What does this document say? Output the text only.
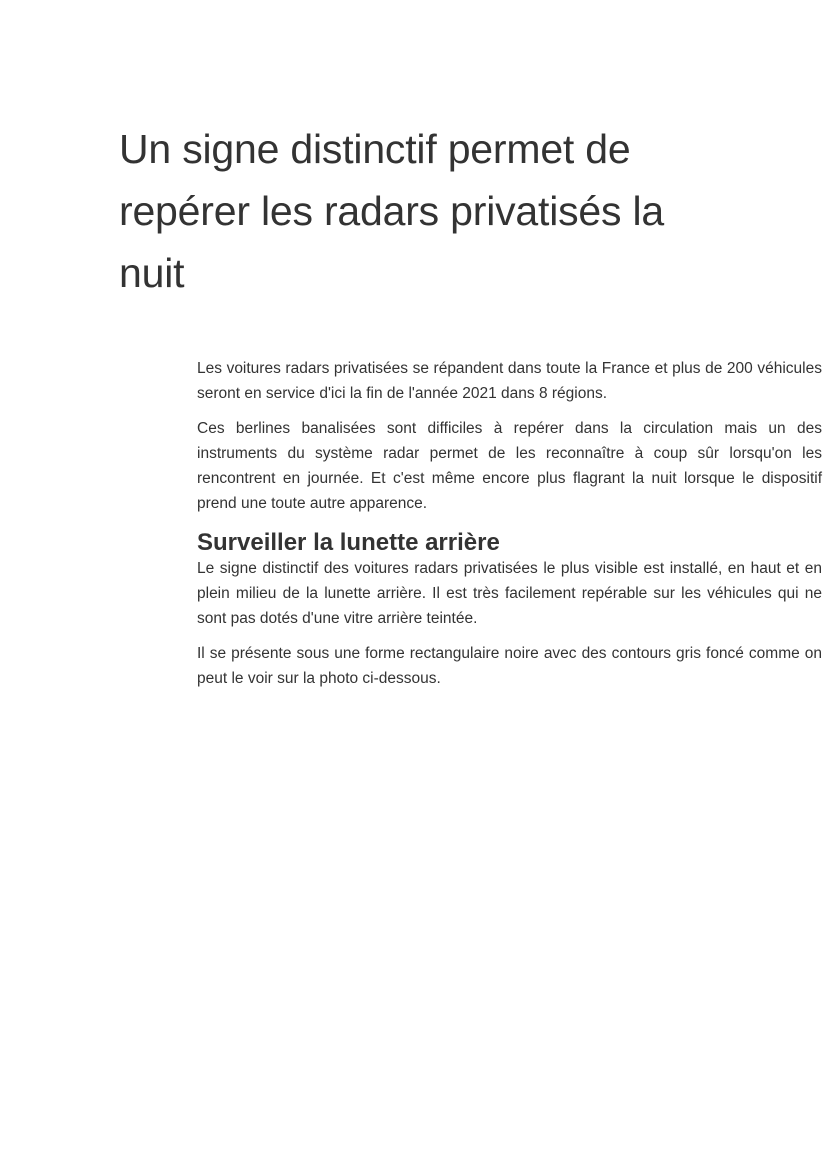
Un signe distinctif permet de repérer les radars privatisés la nuit

Les voitures radars privatisées se répandent dans toute la France et plus de 200 véhicules seront en service d'ici la fin de l'année 2021 dans 8 régions.

Ces berlines banalisées sont difficiles à repérer dans la circulation mais un des instruments du système radar permet de les reconnaître à coup sûr lorsqu'on les rencontrent en journée. Et c'est même encore plus flagrant la nuit lorsque le dispositif prend une toute autre apparence.

Surveiller la lunette arrière

Le signe distinctif des voitures radars privatisées le plus visible est installé, en haut et en plein milieu de la lunette arrière. Il est très facilement repérable sur les véhicules qui ne sont pas dotés d'une vitre arrière teintée.

Il se présente sous une forme rectangulaire noire avec des contours gris foncé comme on peut le voir sur la photo ci-dessous.
